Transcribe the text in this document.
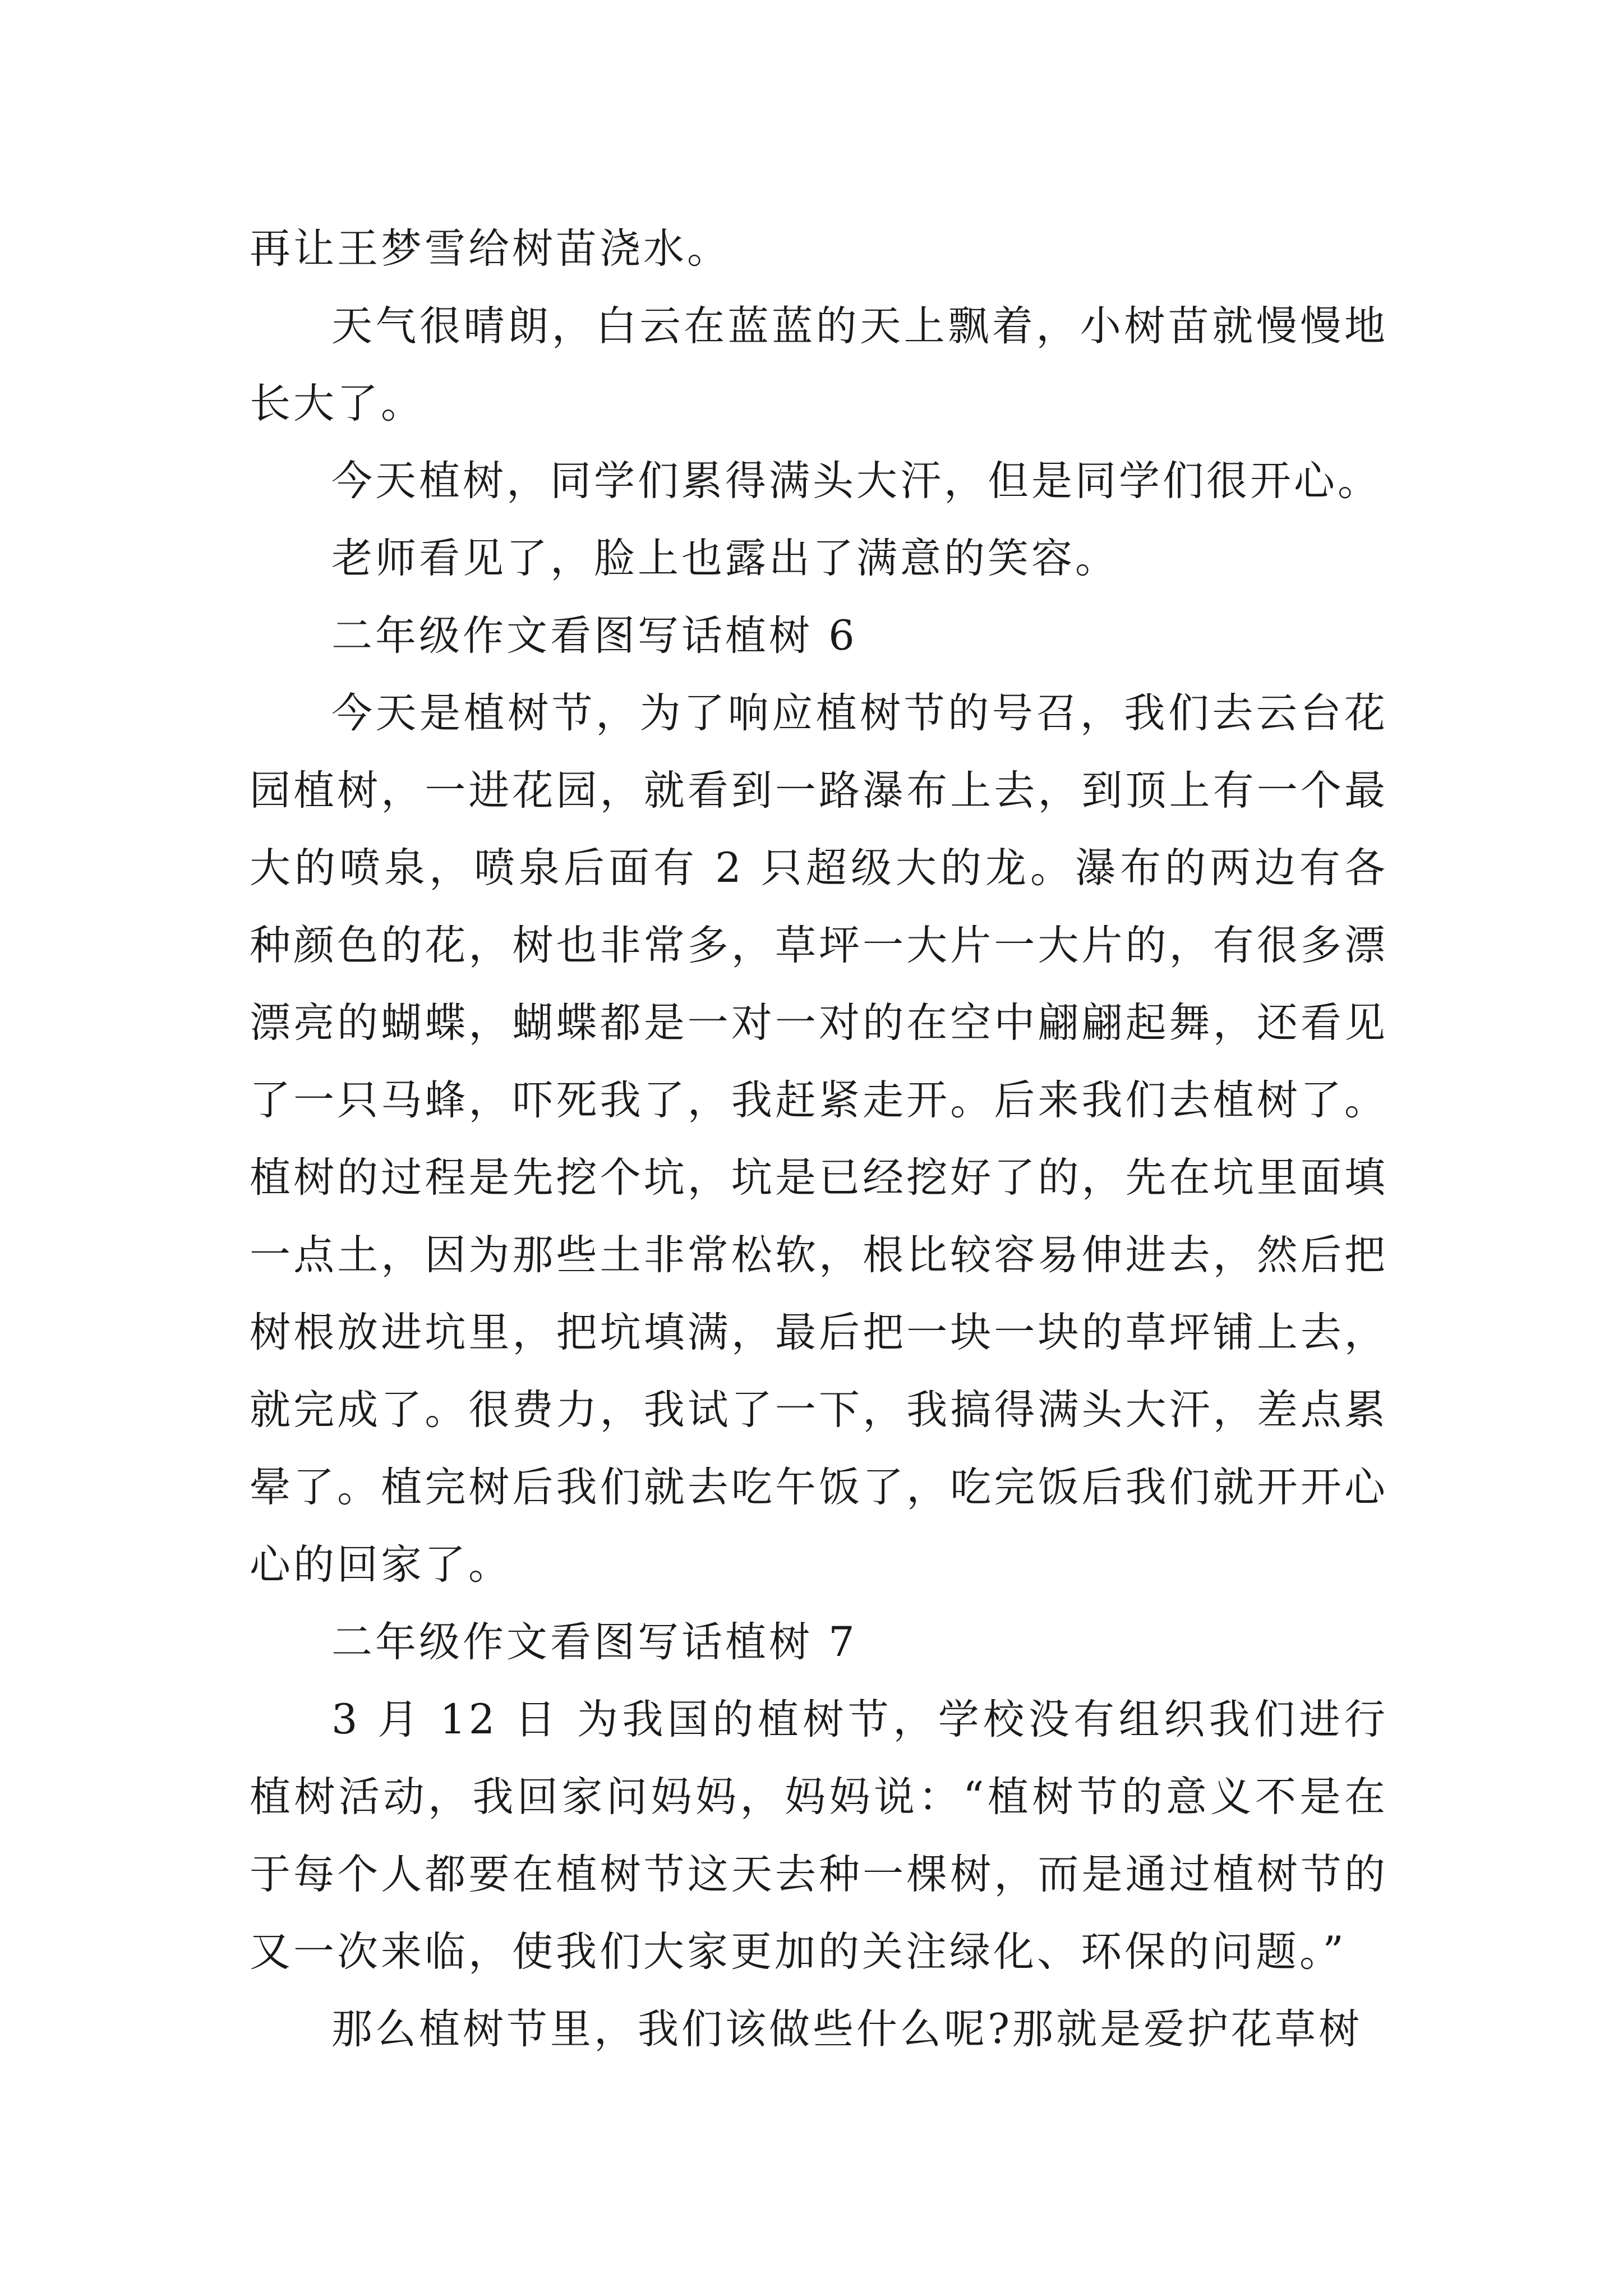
再让王梦雪给树苗浇水。

天气很晴朗，白云在蓝蓝的天上飘着，小树苗就慢慢地长大了。

今天植树，同学们累得满头大汗，但是同学们很开心。

老师看见了，脸上也露出了满意的笑容。

二年级作文看图写话植树 6

今天是植树节，为了响应植树节的号召，我们去云台花园植树，一进花园，就看到一路瀑布上去，到顶上有一个最大的喷泉，喷泉后面有 2 只超级大的龙。瀑布的两边有各种颜色的花，树也非常多，草坪一大片一大片的，有很多漂漂亮的蝴蝶，蝴蝶都是一对一对的在空中翩翩起舞，还看见了一只马蜂，吓死我了，我赶紧走开。后来我们去植树了。植树的过程是先挖个坑，坑是已经挖好了的，先在坑里面填一点土，因为那些土非常松软，根比较容易伸进去，然后把树根放进坑里，把坑填满，最后把一块一块的草坪铺上去，就完成了。很费力，我试了一下，我搞得满头大汗，差点累晕了。植完树后我们就去吃午饭了，吃完饭后我们就开开心心的回家了。

二年级作文看图写话植树 7

3 月 12 日 为我国的植树节，学校没有组织我们进行植树活动，我回家问妈妈，妈妈说：“植树节的意义不是在于每个人都要在植树节这天去种一棵树，而是通过植树节的又一次来临，使我们大家更加的关注绿化、环保的问题。”

那么植树节里，我们该做些什么呢?那就是爱护花草树
